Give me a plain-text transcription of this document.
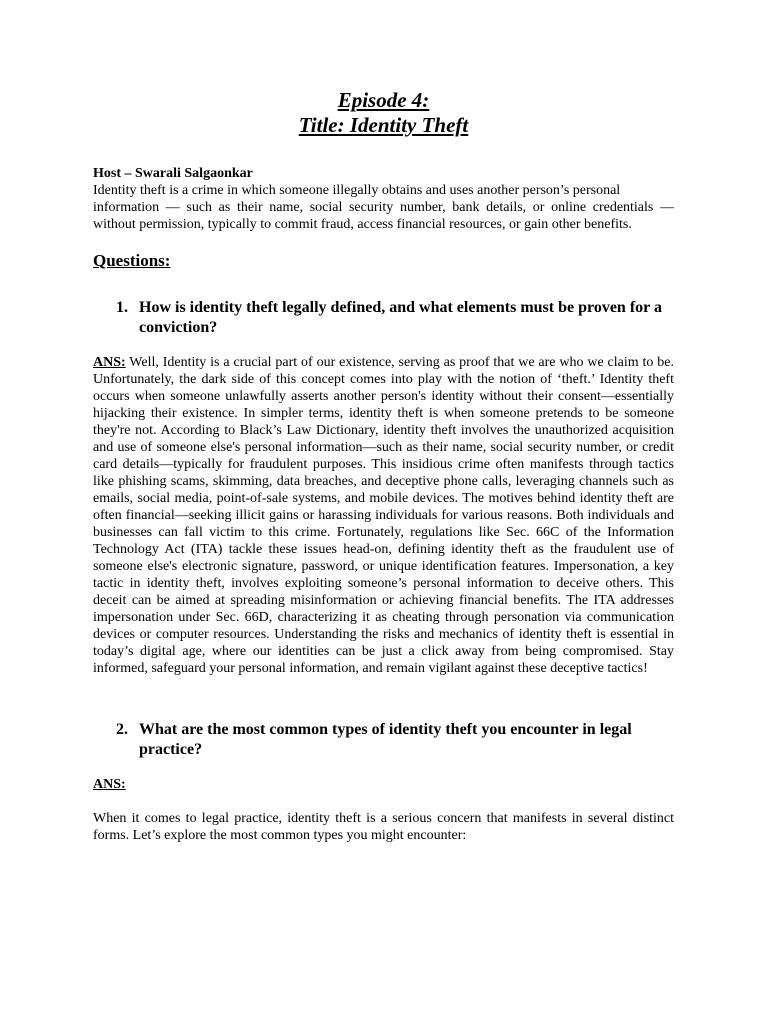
Episode 4:
Title: Identity Theft
Host – Swarali Salgaonkar

Identity theft is a crime in which someone illegally obtains and uses another person’s personal

information — such as their name, social security number, bank details, or online credentials — without permission, typically to commit fraud, access financial resources, or gain other benefits.

Questions:
1. How is identity theft legally defined, and what elements must be proven for a conviction?

ANS: Well, Identity is a crucial part of our existence, serving as proof that we are who we claim to be. Unfortunately, the dark side of this concept comes into play with the notion of ‘theft.’ Identity theft occurs when someone unlawfully asserts another person's identity without their consent—essentially hijacking their existence. In simpler terms, identity theft is when someone pretends to be someone they're not. According to Black’s Law Dictionary, identity theft involves the unauthorized acquisition and use of someone else's personal information—such as their name, social security number, or credit card details—typically for fraudulent purposes. This insidious crime often manifests through tactics like phishing scams, skimming, data breaches, and deceptive phone calls, leveraging channels such as emails, social media, point-of-sale systems, and mobile devices. The motives behind identity theft are often financial—seeking illicit gains or harassing individuals for various reasons. Both individuals and businesses can fall victim to this crime. Fortunately, regulations like Sec. 66C of the Information Technology Act (ITA) tackle these issues head-on, defining identity theft as the fraudulent use of someone else's electronic signature, password, or unique identification features. Impersonation, a key tactic in identity theft, involves exploiting someone’s personal information to deceive others. This deceit can be aimed at spreading misinformation or achieving financial benefits. The ITA addresses impersonation under Sec. 66D, characterizing it as cheating through personation via communication devices or computer resources. Understanding the risks and mechanics of identity theft is essential in today’s digital age, where our identities can be just a click away from being compromised. Stay informed, safeguard your personal information, and remain vigilant against these deceptive tactics!

2. What are the most common types of identity theft you encounter in legal practice?
ANS:

When it comes to legal practice, identity theft is a serious concern that manifests in several distinct forms. Let’s explore the most common types you might encounter:
